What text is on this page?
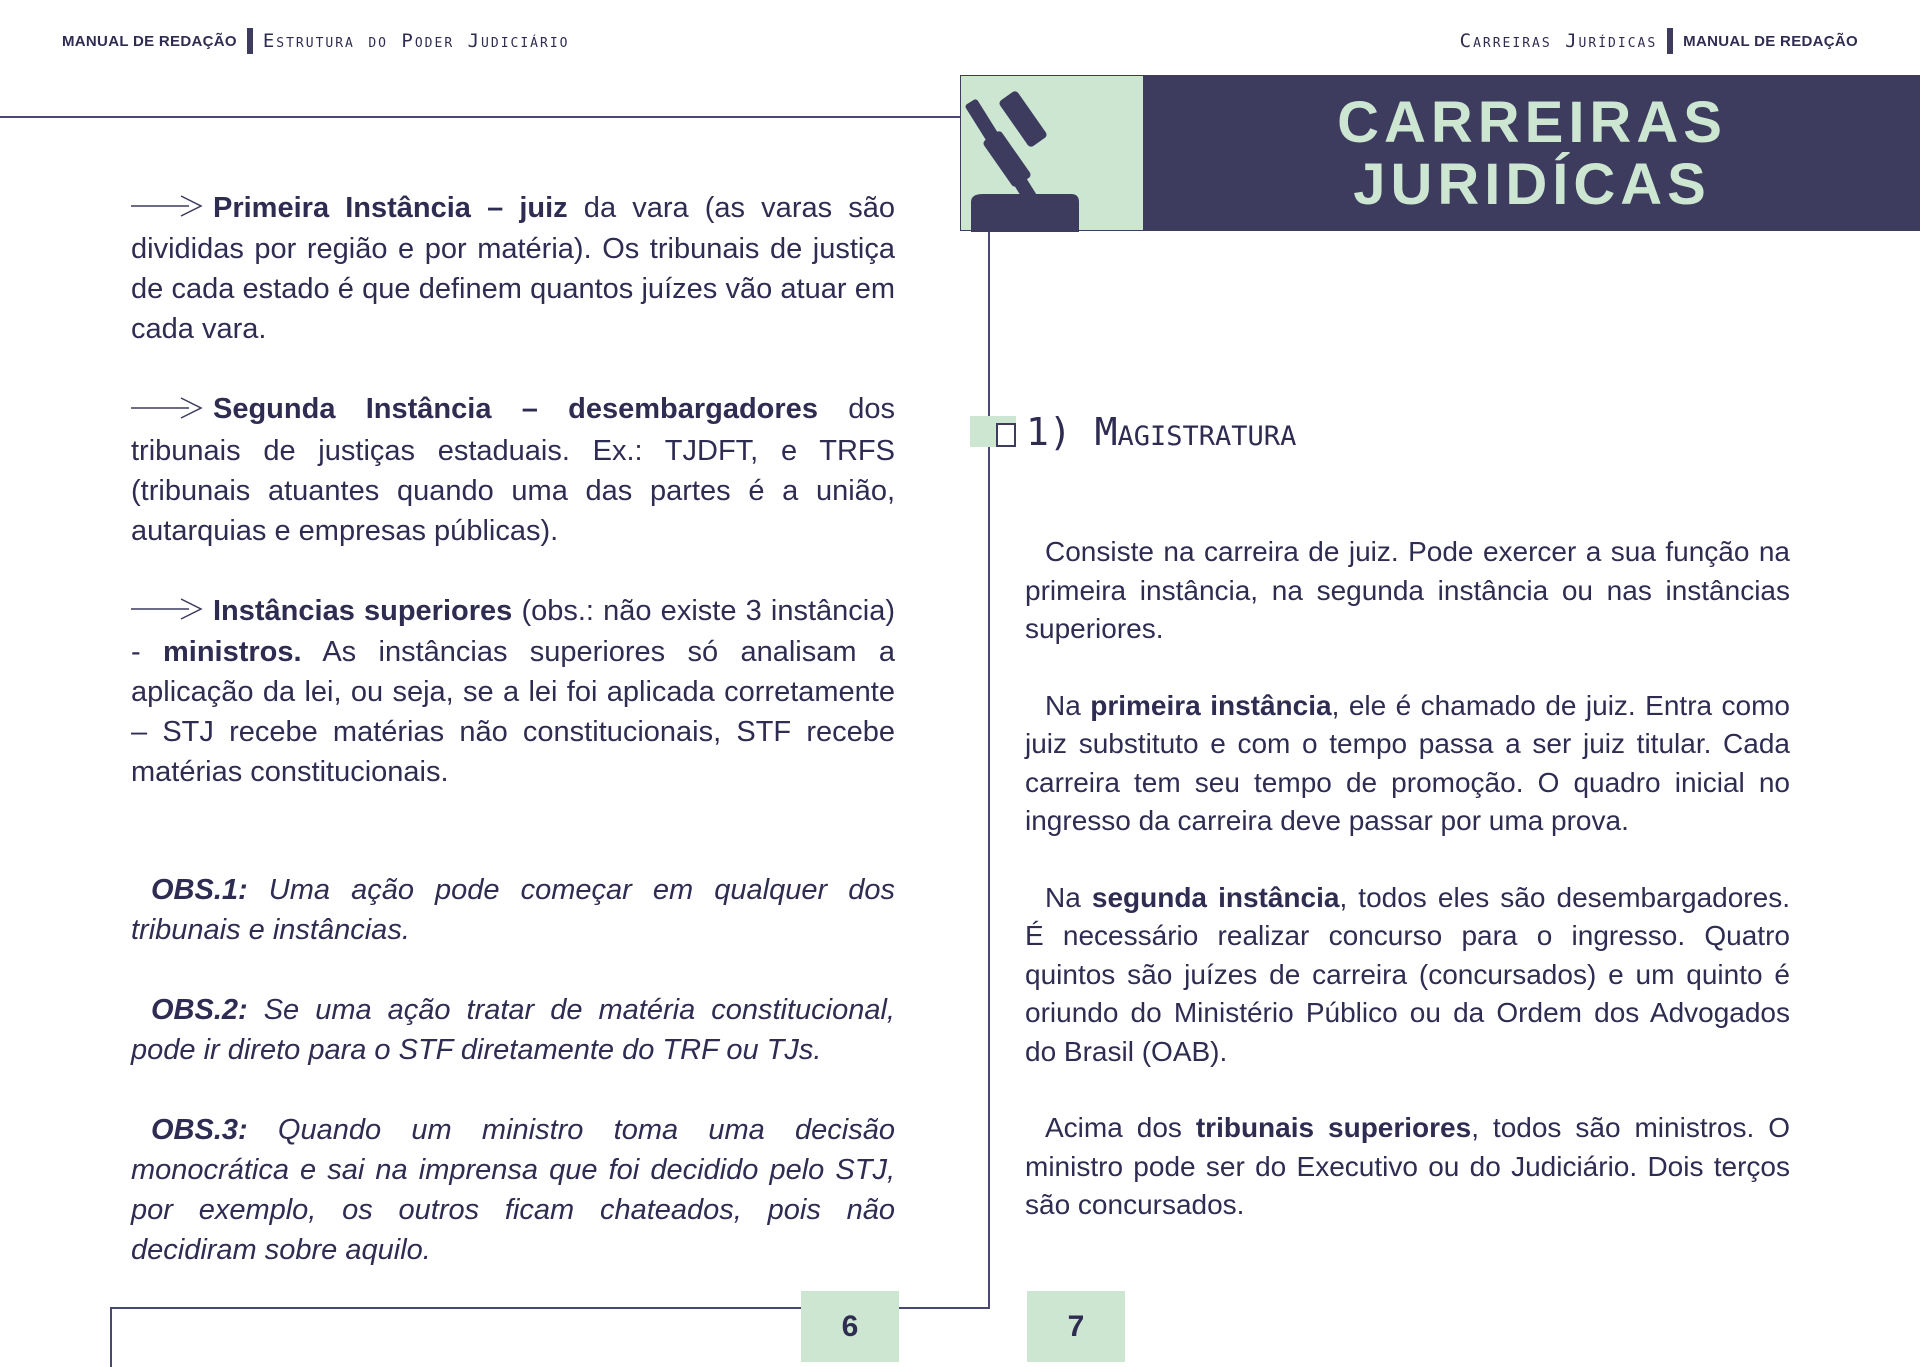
MANUAL DE REDAÇÃO Estrutura do Poder Judiciário	Carreiras Jurídicas MANUAL DE REDAÇÃO
CARREIRAS
JURIDÍCAS

Primeira Instância – juiz da vara (as varas são divididas por região e por matéria). Os tribunais de justiça de cada estado é que definem quantos juízes vão atuar em cada vara.

Segunda Instância – desembargadores dos tribunais de justiças estaduais. Ex.: TJDFT, e TRFS (tribunais atuantes quando uma das partes é a união, autarquias e empresas públicas).

Instâncias superiores (obs.: não existe 3 instância) - ministros. As instâncias superiores só analisam a aplicação da lei, ou seja, se a lei foi aplicada corretamente – STJ recebe matérias não constitucionais, STF recebe matérias constitucionais.

OBS.1: Uma ação pode começar em qualquer dos tribunais e instâncias.

OBS.2: Se uma ação tratar de matéria constitucional, pode ir direto para o STF diretamente do TRF ou TJs.

OBS.3: Quando um ministro toma uma decisão monocrática e sai na imprensa que foi decidido pelo STJ, por exemplo, os outros ficam chateados, pois não decidiram sobre aquilo.

1) Magistratura

Consiste na carreira de juiz. Pode exercer a sua função na primeira instância, na segunda instância ou nas instâncias superiores.

Na primeira instância, ele é chamado de juiz. Entra como juiz substituto e com o tempo passa a ser juiz titular. Cada carreira tem seu tempo de promoção. O quadro inicial no ingresso da carreira deve passar por uma prova.

Na segunda instância, todos eles são desembargadores. É necessário realizar concurso para o ingresso. Quatro quintos são juízes de carreira (concursados) e um quinto é oriundo do Ministério Público ou da Ordem dos Advogados do Brasil (OAB).

Acima dos tribunais superiores, todos são ministros. O ministro pode ser do Executivo ou do Judiciário. Dois terços são concursados.

6	7
